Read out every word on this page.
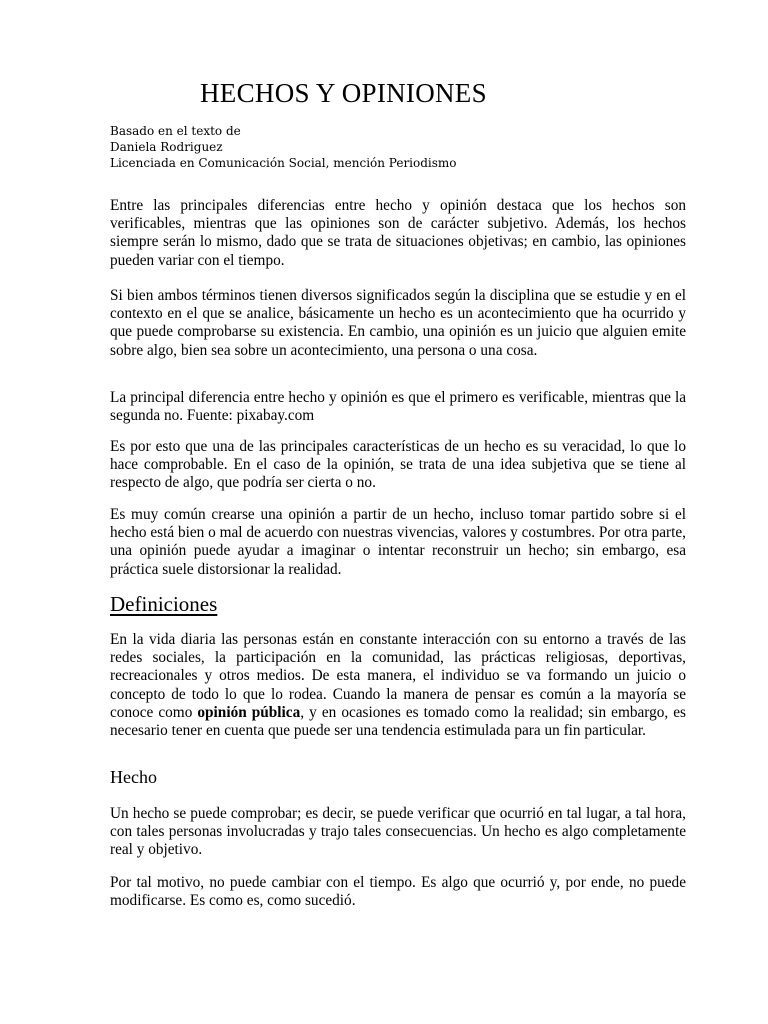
HECHOS Y OPINIONES
Basado en el texto de
Daniela Rodriguez
Licenciada en Comunicación Social, mención Periodismo

Entre las principales diferencias entre hecho y opinión destaca que los hechos son verificables, mientras que las opiniones son de carácter subjetivo. Además, los hechos siempre serán lo mismo, dado que se trata de situaciones objetivas; en cambio, las opiniones pueden variar con el tiempo.

Si bien ambos términos tienen diversos significados según la disciplina que se estudie y en el contexto en el que se analice, básicamente un hecho es un acontecimiento que ha ocurrido y que puede comprobarse su existencia. En cambio, una opinión es un juicio que alguien emite sobre algo, bien sea sobre un acontecimiento, una persona o una cosa.

La principal diferencia entre hecho y opinión es que el primero es verificable, mientras que la segunda no. Fuente: pixabay.com

Es por esto que una de las principales características de un hecho es su veracidad, lo que lo hace comprobable. En el caso de la opinión, se trata de una idea subjetiva que se tiene al respecto de algo, que podría ser cierta o no.

Es muy común crearse una opinión a partir de un hecho, incluso tomar partido sobre si el hecho está bien o mal de acuerdo con nuestras vivencias, valores y costumbres. Por otra parte, una opinión puede ayudar a imaginar o intentar reconstruir un hecho; sin embargo, esa práctica suele distorsionar la realidad.

Definiciones

En la vida diaria las personas están en constante interacción con su entorno a través de las redes sociales, la participación en la comunidad, las prácticas religiosas, deportivas, recreacionales y otros medios. De esta manera, el individuo se va formando un juicio o concepto de todo lo que lo rodea. Cuando la manera de pensar es común a la mayoría se conoce como opinión pública, y en ocasiones es tomado como la realidad; sin embargo, es necesario tener en cuenta que puede ser una tendencia estimulada para un fin particular.

Hecho

Un hecho se puede comprobar; es decir, se puede verificar que ocurrió en tal lugar, a tal hora, con tales personas involucradas y trajo tales consecuencias. Un hecho es algo completamente real y objetivo.

Por tal motivo, no puede cambiar con el tiempo. Es algo que ocurrió y, por ende, no puede modificarse. Es como es, como sucedió.
